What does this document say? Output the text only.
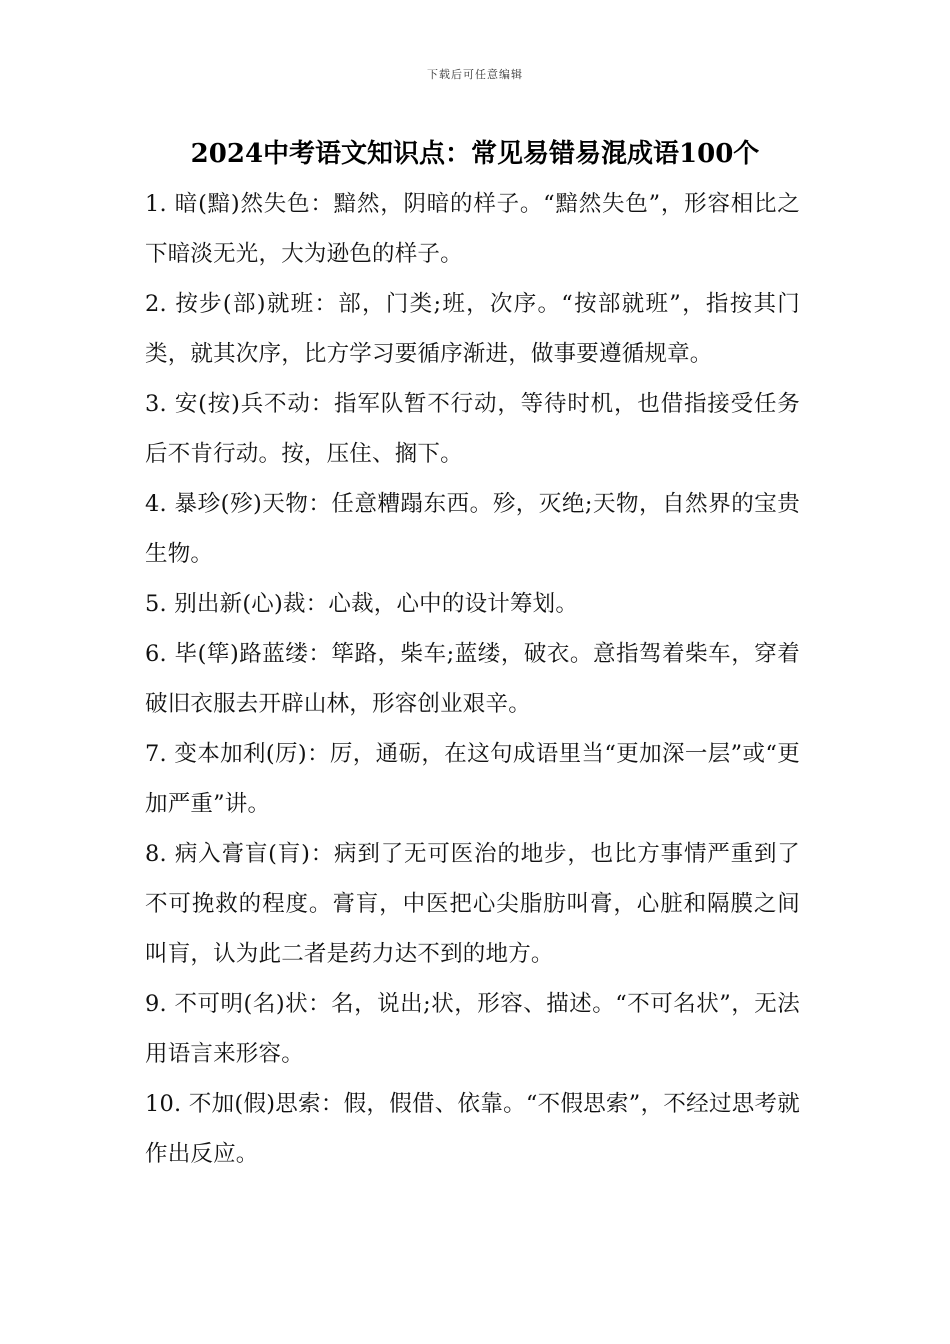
下载后可任意编辑
2024中考语文知识点：常见易错易混成语100个
1. 暗(黯)然失色：黯然，阴暗的样子。“黯然失色”，形容相比之下暗淡无光，大为逊色的样子。
2. 按步(部)就班：部，门类;班，次序。“按部就班”，指按其门类，就其次序，比方学习要循序渐进，做事要遵循规章。
3. 安(按)兵不动：指军队暂不行动，等待时机，也借指接受任务后不肯行动。按，压住、搁下。
4. 暴珍(殄)天物：任意糟蹋东西。殄，灭绝;天物，自然界的宝贵生物。
5. 别出新(心)裁：心裁，心中的设计筹划。
6. 毕(筚)路蓝缕：筚路，柴车;蓝缕，破衣。意指驾着柴车，穿着破旧衣服去开辟山林，形容创业艰辛。
7. 变本加利(厉)：厉，通砺，在这句成语里当“更加深一层”或“更加严重”讲。
8. 病入膏盲(肓)：病到了无可医治的地步，也比方事情严重到了不可挽救的程度。膏肓，中医把心尖脂肪叫膏，心脏和隔膜之间叫肓，认为此二者是药力达不到的地方。
9. 不可明(名)状：名，说出;状，形容、描述。“不可名状”，无法用语言来形容。
10. 不加(假)思索：假，假借、依靠。“不假思索”，不经过思考就作出反应。
